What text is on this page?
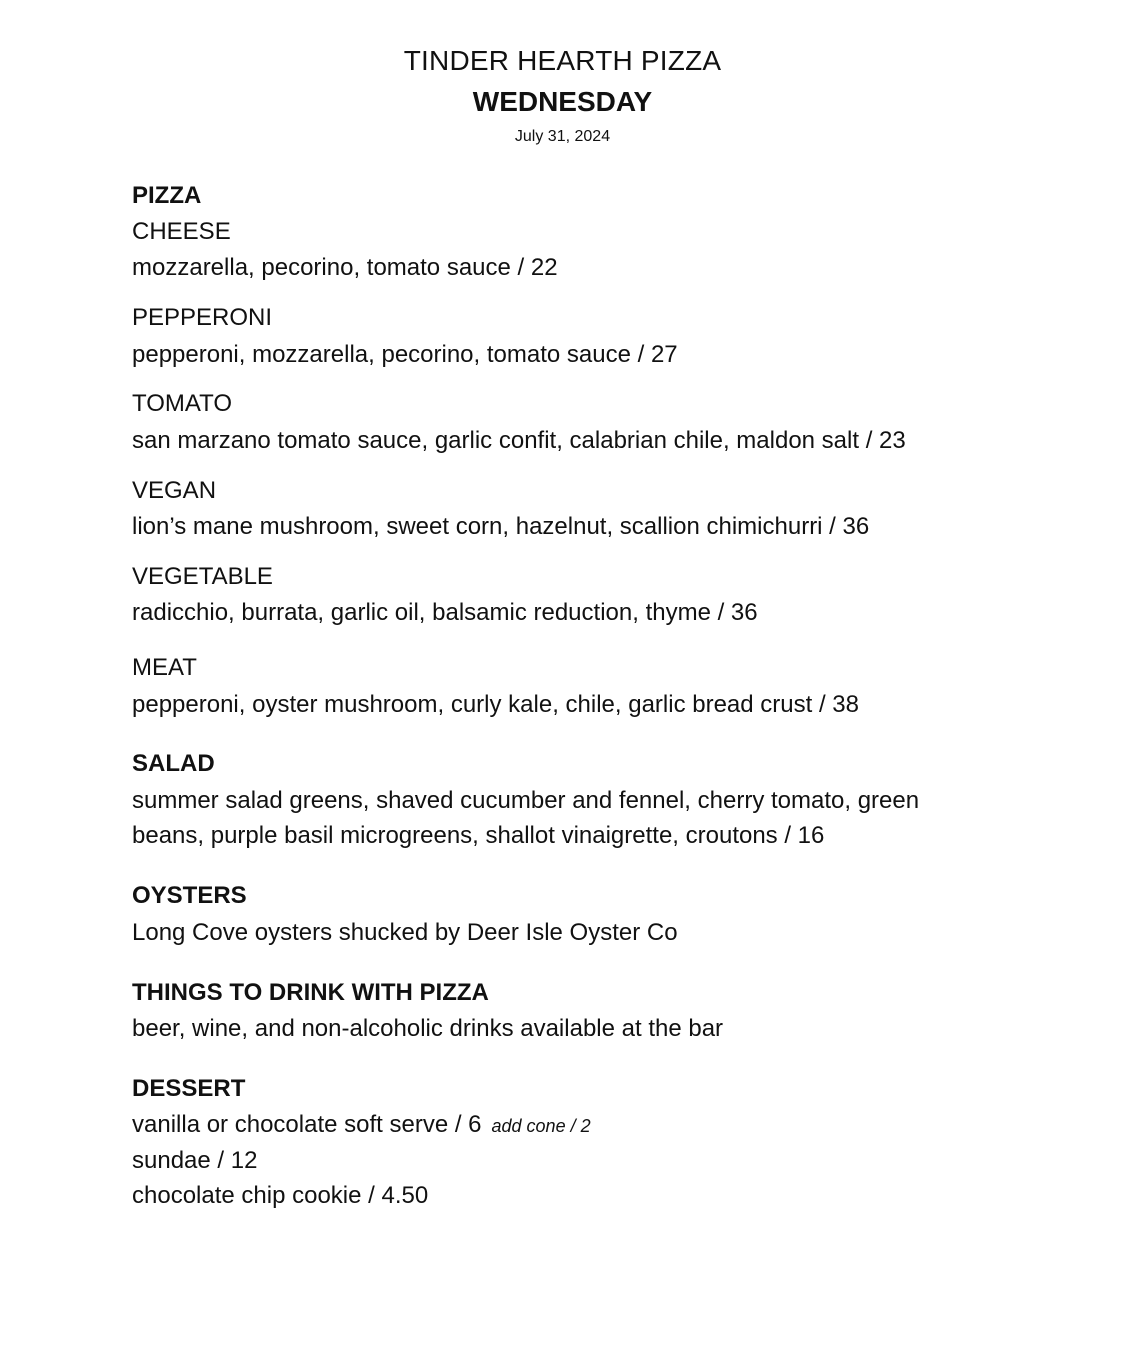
TINDER HEARTH PIZZA
WEDNESDAY
July 31, 2024
PIZZA
CHEESE
mozzarella, pecorino, tomato sauce / 22
PEPPERONI
pepperoni, mozzarella, pecorino, tomato sauce / 27
TOMATO
san marzano tomato sauce, garlic confit, calabrian chile, maldon salt / 23
VEGAN
lion’s mane mushroom, sweet corn, hazelnut, scallion chimichurri / 36
VEGETABLE
radicchio, burrata, garlic oil, balsamic reduction, thyme / 36
MEAT
pepperoni, oyster mushroom, curly kale, chile, garlic bread crust / 38
SALAD
summer salad greens, shaved cucumber and fennel, cherry tomato, green
beans, purple basil microgreens, shallot vinaigrette, croutons / 16
OYSTERS
Long Cove oysters shucked by Deer Isle Oyster Co
THINGS TO DRINK WITH PIZZA
beer, wine, and non-alcoholic drinks available at the bar
DESSERT
vanilla or chocolate soft serve / 6 add cone / 2
sundae / 12
chocolate chip cookie / 4.50
